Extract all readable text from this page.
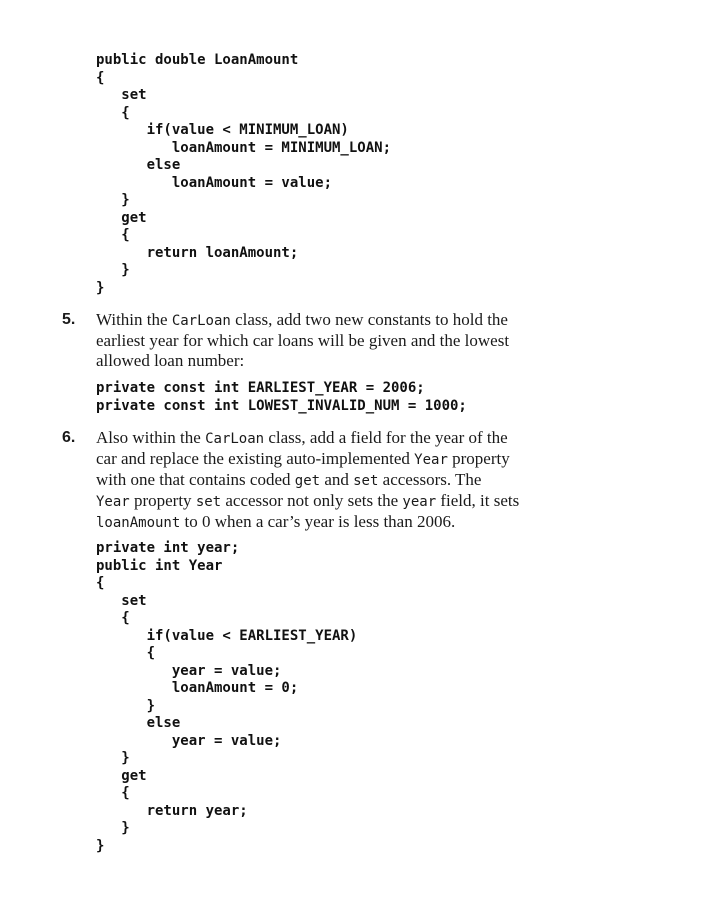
public double LoanAmount
{
set
{
if(value < MINIMUM_LOAN)
loanAmount = MINIMUM_LOAN;
else
loanAmount = value;
}
get
{
return loanAmount;
}
}
5. Within the CarLoan class, add two new constants to hold the
earliest year for which car loans will be given and the lowest
allowed loan number:
private const int EARLIEST_YEAR = 2006;
private const int LOWEST_INVALID_NUM = 1000;
6. Also within the CarLoan class, add a field for the year of the
car and replace the existing auto-implemented Year property
with one that contains coded get and set accessors. The
Year property set accessor not only sets the year field, it sets
loanAmount to 0 when a car’s year is less than 2006.
private int year;
public int Year
{
set
{
if(value < EARLIEST_YEAR)
{
year = value;
loanAmount = 0;
}
else
year = value;
}
get
{
return year;
}
}
